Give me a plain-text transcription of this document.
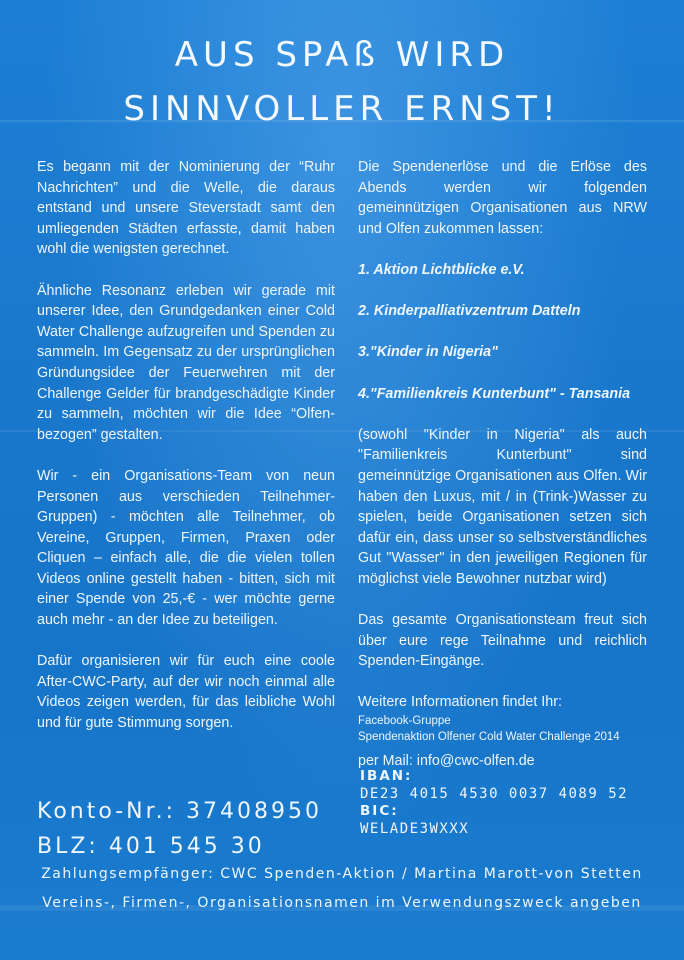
AUS SPAß WIRD
SINNVOLLER ERNST!

Es begann mit der Nominierung der “Ruhr Nachrichten” und die Welle, die daraus entstand und unsere Steverstadt samt den umliegenden Städten erfasste, damit haben wohl die wenigsten gerechnet.

Ähnliche Resonanz erleben wir gerade mit unserer Idee, den Grundgedanken einer Cold Water Challenge aufzugreifen und Spenden zu sammeln. Im Gegensatz zu der ursprünglichen Gründungsidee der Feuerwehren mit der Challenge Gelder für brandgeschädigte Kinder zu sammeln, möchten wir die Idee “Olfen-bezogen” gestalten.

Wir - ein Organisations-Team von neun Personen aus verschieden Teilnehmer-Gruppen) - möchten alle Teilnehmer, ob Vereine, Gruppen, Firmen, Praxen oder Cliquen – einfach alle, die die vielen tollen Videos online gestellt haben - bitten, sich mit einer Spende von 25,-€ - wer möchte gerne auch mehr - an der Idee zu beteiligen.

Dafür organisieren wir für euch eine coole After-CWC-Party, auf der wir noch einmal alle Videos zeigen werden, für das leibliche Wohl und für gute Stimmung sorgen.

Die Spendenerlöse und die Erlöse des Abends werden wir folgenden gemeinnützigen Organisationen aus NRW und Olfen zukommen lassen:

1. Aktion Lichtblicke e.V.

2. Kinderpalliativzentrum Datteln

3."Kinder in Nigeria"

4."Familienkreis Kunterbunt" - Tansania

(sowohl "Kinder in Nigeria" als auch "Familienkreis Kunterbunt" sind gemeinnützige Organisationen aus Olfen. Wir haben den Luxus, mit / in (Trink-)Wasser zu spielen, beide Organisationen setzen sich dafür ein, dass unser so selbstverständliches Gut "Wasser" in den jeweiligen Regionen für möglichst viele Bewohner nutzbar wird)

Das gesamte Organisationsteam freut sich über eure rege Teilnahme und reichlich Spenden-Eingänge.

Weitere Informationen findet Ihr:
Facebook-Gruppe
Spendenaktion Olfener Cold Water Challenge 2014
per Mail: info@cwc-olfen.de
IBAN:
DE23 4015 4530 0037 4089 52
BIC:
WELADE3WXXX
Konto-Nr.: 37408950
BLZ: 401 545 30
Zahlungsempfänger: CWC Spenden-Aktion / Martina Marott-von Stetten
Vereins-, Firmen-, Organisationsnamen im Verwendungszweck angeben
